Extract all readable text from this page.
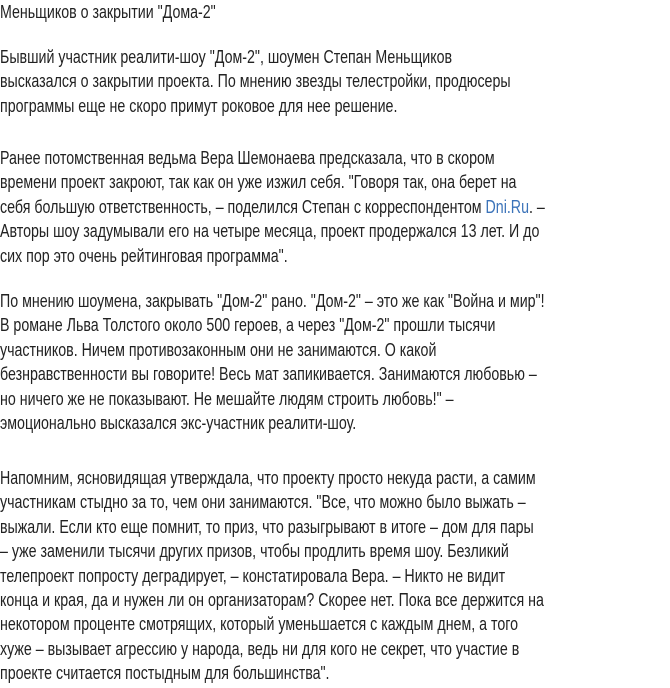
Меньщиков о закрытии "Дома-2"
Бывший участник реалити-шоу "Дом-2", шоумен Степан Меньщиков
высказался о закрытии проекта. По мнению звезды телестройки, продюсеры
программы еще не скоро примут роковое для нее решение.
Ранее потомственная ведьма Вера Шемонаева предсказала, что в скором
времени проект закроют, так как он уже изжил себя. "Говоря так, она берет на
себя большую ответственность, – поделился Степан с корреспондентом Dni.Ru. –
Авторы шоу задумывали его на четыре месяца, проект продержался 13 лет. И до
сих пор это очень рейтинговая программа".
По мнению шоумена, закрывать "Дом-2" рано. "Дом-2" – это же как "Война и мир"!
В романе Льва Толстого около 500 героев, а через "Дом-2" прошли тысячи
участников. Ничем противозаконным они не занимаются. О какой
безнравственности вы говорите! Весь мат запикивается. Занимаются любовью –
но ничего же не показывают. Не мешайте людям строить любовь!" –
эмоционально высказался экс-участник реалити-шоу.
Напомним, ясновидящая утверждала, что проекту просто некуда расти, а самим
участникам стыдно за то, чем они занимаются. "Все, что можно было выжать –
выжали. Если кто еще помнит, то приз, что разыгрывают в итоге – дом для пары
– уже заменили тысячи других призов, чтобы продлить время шоу. Безликий
телепроект попросту деградирует, – констатировала Вера. – Никто не видит
конца и края, да и нужен ли он организаторам? Скорее нет. Пока все держится на
некотором проценте смотрящих, который уменьшается с каждым днем, а того
хуже – вызывает агрессию у народа, ведь ни для кого не секрет, что участие в
проекте считается постыдным для большинства".
